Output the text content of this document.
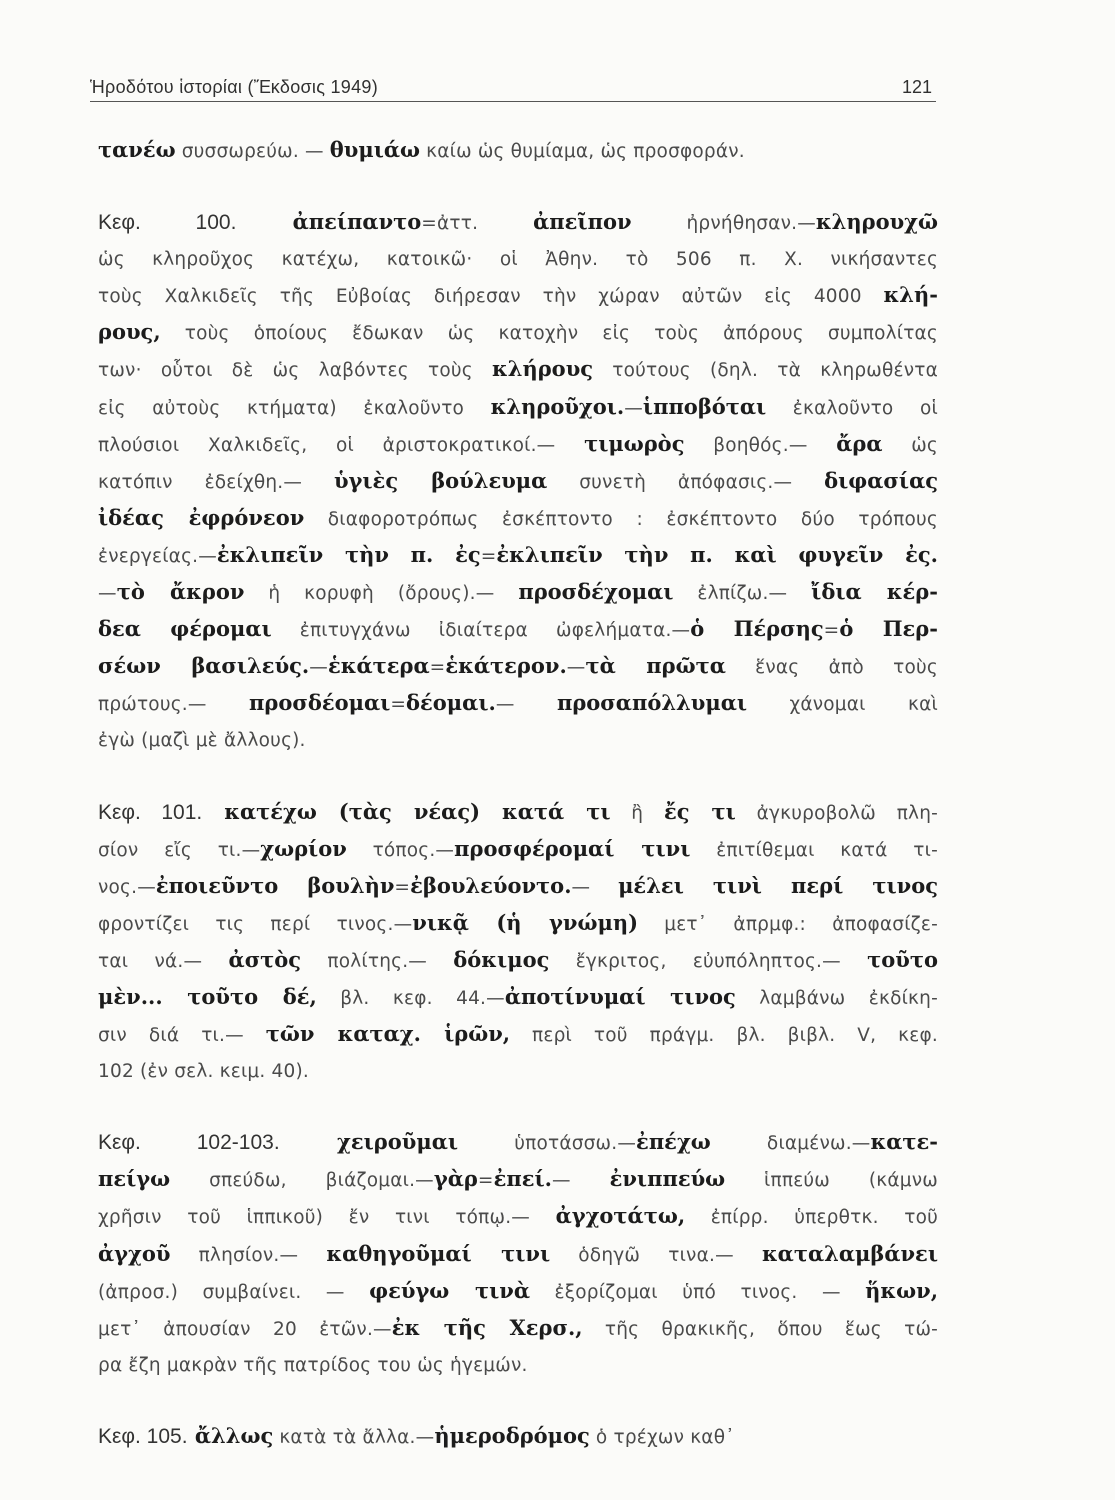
Ἡροδότου ἱστορίαι (Ἔκδοσις 1949)	121
τανέω συσσωρεύω. — θυμιάω καίω ὡς θυμίαμα, ὡς προσφοράν.
Κεφ. 100. ἀπείπαντο=ἀττ. ἀπεῖπον ἠρνήθησαν.—κληρουχῶ
ὡς κληροῦχος κατέχω, κατοικῶ· οἱ Ἀθην. τὸ 506 π. Χ. νικήσαντες
τοὺς Χαλκιδεῖς τῆς Εὐβοίας διήρεσαν τὴν χώραν αὐτῶν εἰς 4000 κλή-
ρους, τοὺς ὁποίους ἔδωκαν ὡς κατοχὴν εἰς τοὺς ἀπόρους συμπολίτας
των· οὗτοι δὲ ὡς λαβόντες τοὺς κλήρους τούτους (δηλ. τὰ κληρωθέντα
εἰς αὐτοὺς κτήματα) ἐκαλοῦντο κληροῦχοι.—ἱπποβόται ἐκαλοῦντο οἱ
πλούσιοι Χαλκιδεῖς, οἱ ἀριστοκρατικοί.— τιμωρὸς βοηθός.— ἄρα ὡς
κατόπιν ἐδείχθη.— ὑγιὲς βούλευμα συνετὴ ἀπόφασις.— διφασίας
ἰδέας ἐφρόνεον διαφοροτρόπως ἐσκέπτοντο : ἐσκέπτοντο δύο τρόπους
ἐνεργείας.—ἐκλιπεῖν τὴν π. ἐς=ἐκλιπεῖν τὴν π. καὶ φυγεῖν ἐς.
—τὸ ἄκρον ἡ κορυφὴ (ὄρους).— προσδέχομαι ἐλπίζω.— ἴδια κέρ-
δεα φέρομαι ἐπιτυγχάνω ἰδιαίτερα ὠφελήματα.—ὁ Πέρσης=ὁ Περ-
σέων βασιλεύς.—ἑκάτερα=ἑκάτερον.—τὰ πρῶτα ἕνας ἀπὸ τοὺς
πρώτους.— προσδέομαι=δέομαι.— προσαπόλλυμαι χάνομαι καὶ
ἐγὼ (μαζὶ μὲ ἄλλους).
Κεφ. 101. κατέχω (τὰς νέας) κατά τι ἢ ἔς τι ἀγκυροβολῶ πλη-
σίον εἴς τι.—χωρίον τόπος.—προσφέρομαί τινι ἐπιτίθεμαι κατά τι-
νος.—ἐποιεῦντο βουλὴν=ἐβουλεύοντο.— μέλει τινὶ περί τινος
φροντίζει τις περί τινος.—νικᾷ (ἡ γνώμη) μετ᾽ ἀπρμφ.: ἀποφασίζε-
ται νά.— ἀστὸς πολίτης.— δόκιμος ἔγκριτος, εὐυπόληπτος.— τοῦτο
μὲν... τοῦτο δέ, βλ. κεφ. 44.—ἀποτίνυμαί τινος λαμβάνω ἐκδίκη-
σιν διά τι.— τῶν καταχ. ἱρῶν, περὶ τοῦ πράγμ. βλ. βιβλ. V, κεφ.
102 (ἐν σελ. κειμ. 40).
Κεφ. 102-103. χειροῦμαι ὑποτάσσω.—ἐπέχω διαμένω.—κατε-
πείγω σπεύδω, βιάζομαι.—γὰρ=ἐπεί.— ἐνιππεύω ἱππεύω (κάμνω
χρῆσιν τοῦ ἱππικοῦ) ἔν τινι τόπῳ.— ἀγχοτάτω, ἐπίρρ. ὑπερθτκ. τοῦ
ἀγχοῦ πλησίον.— καθηγοῦμαί τινι ὁδηγῶ τινα.— καταλαμβάνει
(ἀπροσ.) συμβαίνει. — φεύγω τινὰ ἐξορίζομαι ὑπό τινος. — ἥκων,
μετ᾽ ἀπουσίαν 20 ἐτῶν.—ἐκ τῆς Χερσ., τῆς θρακικῆς, ὅπου ἕως τώ-
ρα ἔζη μακρὰν τῆς πατρίδος του ὡς ἡγεμών.
Κεφ. 105. ἄλλως κατὰ τὰ ἄλλα.—ἡμεροδρόμος ὁ τρέχων καθ᾽
